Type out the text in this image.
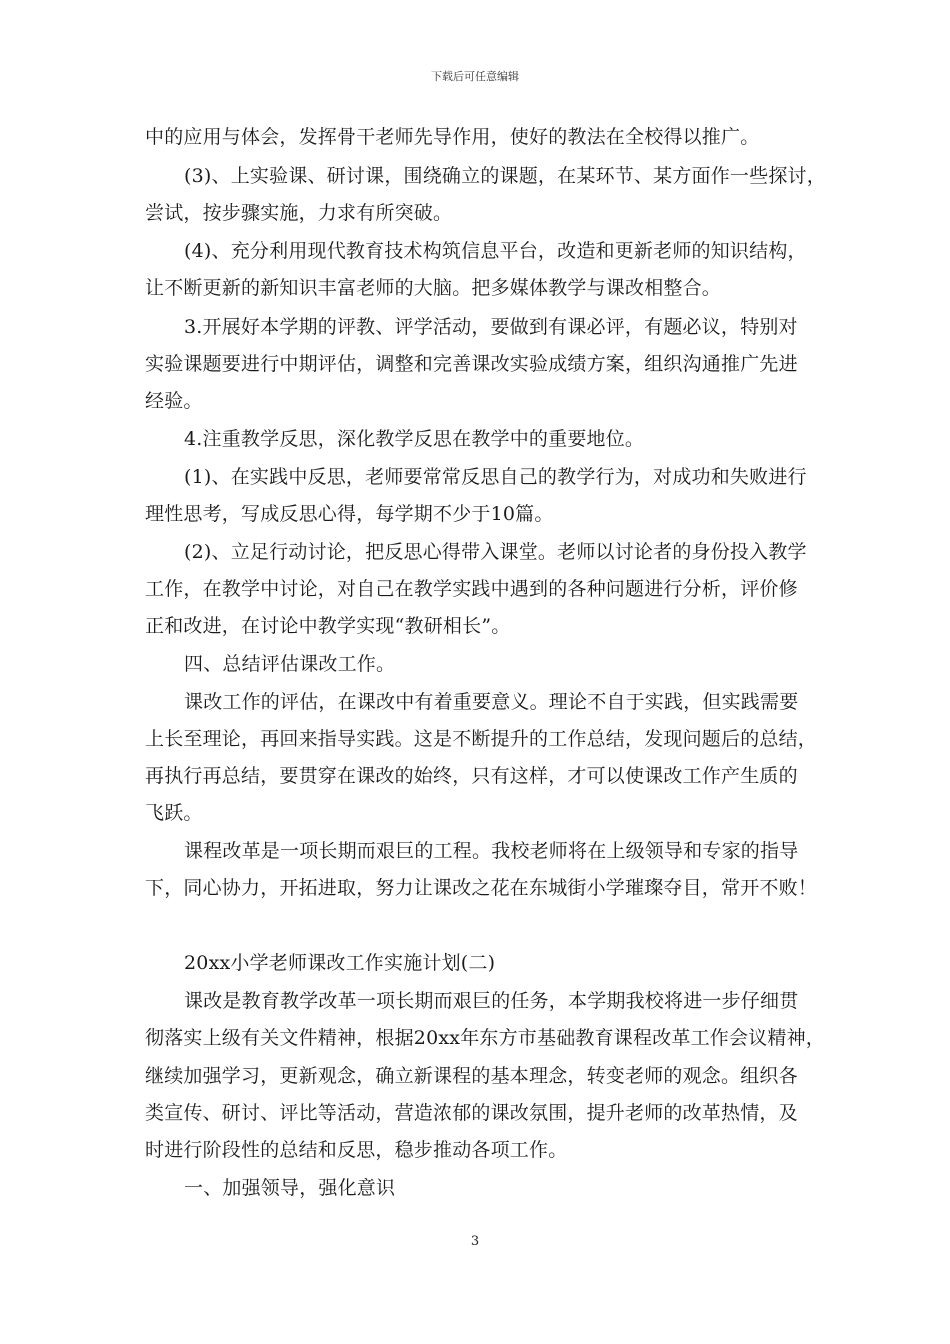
下载后可任意编辑
中的应用与体会，发挥骨干老师先导作用，使好的教法在全校得以推广。
(3)、上实验课、研讨课，围绕确立的课题，在某环节、某方面作一些探讨，
尝试，按步骤实施，力求有所突破。
(4)、充分利用现代教育技术构筑信息平台，改造和更新老师的知识结构，
让不断更新的新知识丰富老师的大脑。把多媒体教学与课改相整合。
3.开展好本学期的评教、评学活动，要做到有课必评，有题必议，特别对
实验课题要进行中期评估，调整和完善课改实验成绩方案，组织沟通推广先进
经验。
4.注重教学反思，深化教学反思在教学中的重要地位。
(1)、在实践中反思，老师要常常反思自己的教学行为，对成功和失败进行
理性思考，写成反思心得，每学期不少于10篇。
(2)、立足行动讨论，把反思心得带入课堂。老师以讨论者的身份投入教学
工作，在教学中讨论，对自己在教学实践中遇到的各种问题进行分析，评价修
正和改进，在讨论中教学实现“教研相长”。
四、总结评估课改工作。
课改工作的评估，在课改中有着重要意义。理论不自于实践，但实践需要
上长至理论，再回来指导实践。这是不断提升的工作总结，发现问题后的总结，
再执行再总结，要贯穿在课改的始终，只有这样，才可以使课改工作产生质的
飞跃。
课程改革是一项长期而艰巨的工程。我校老师将在上级领导和专家的指导
下，同心协力，开拓进取，努力让课改之花在东城街小学璀璨夺目，常开不败！
20xx小学老师课改工作实施计划(二)
课改是教育教学改革一项长期而艰巨的任务，本学期我校将进一步仔细贯
彻落实上级有关文件精神，根据20xx年东方市基础教育课程改革工作会议精神，
继续加强学习，更新观念，确立新课程的基本理念，转变老师的观念。组织各
类宣传、研讨、评比等活动，营造浓郁的课改氛围，提升老师的改革热情，及
时进行阶段性的总结和反思，稳步推动各项工作。
一、加强领导，强化意识
3
